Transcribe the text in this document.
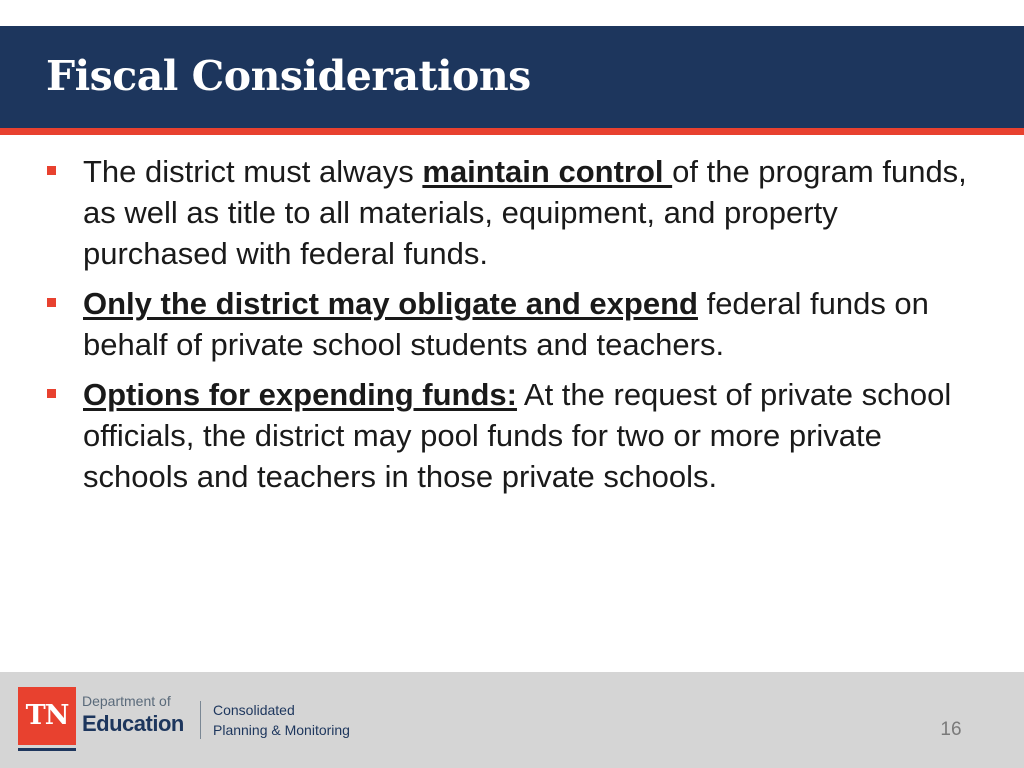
Fiscal Considerations
The district must always maintain control of the program funds, as well as title to all materials, equipment, and property purchased with federal funds.
Only the district may obligate and expend federal funds on behalf of private school students and teachers.
Options for expending funds: At the request of private school officials, the district may pool funds for two or more private schools and teachers in those private schools.
TN Department of
Education
Consolidated
Planning & Monitoring	16
